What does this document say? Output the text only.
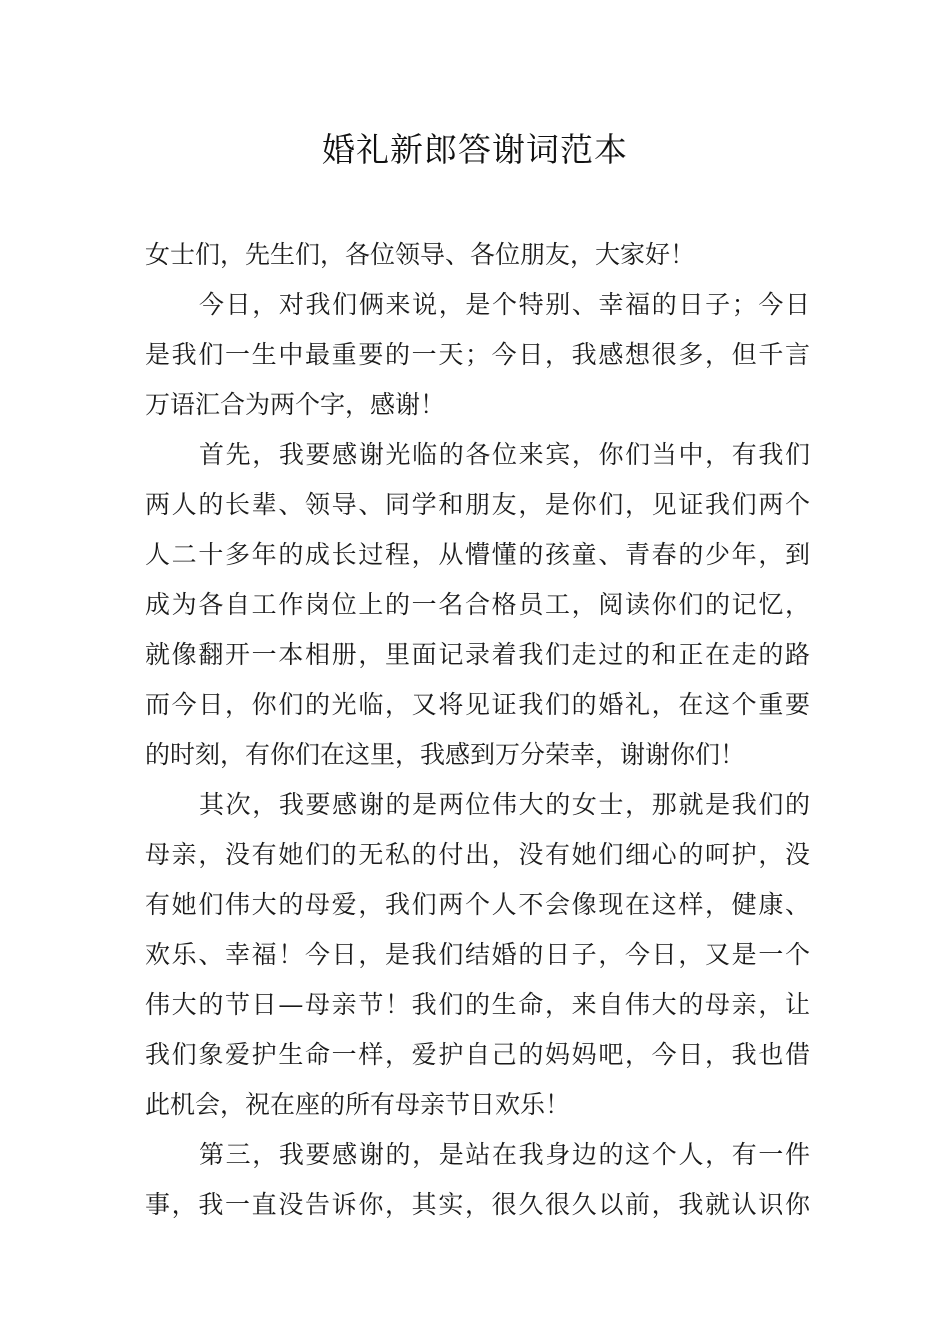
婚礼新郎答谢词范本
女士们，先生们，各位领导、各位朋友，大家好！
今日，对我们俩来说，是个特别、幸福的日子；今日
是我们一生中最重要的一天；今日，我感想很多，但千言
万语汇合为两个字，感谢！
首先，我要感谢光临的各位来宾，你们当中，有我们
两人的长辈、领导、同学和朋友，是你们，见证我们两个
人二十多年的成长过程，从懵懂的孩童、青春的少年，到
成为各自工作岗位上的一名合格员工，阅读你们的记忆，
就像翻开一本相册，里面记录着我们走过的和正在走的路
而今日，你们的光临，又将见证我们的婚礼，在这个重要
的时刻，有你们在这里，我感到万分荣幸，谢谢你们！
其次，我要感谢的是两位伟大的女士，那就是我们的
母亲，没有她们的无私的付出，没有她们细心的呵护，没
有她们伟大的母爱，我们两个人不会像现在这样，健康、
欢乐、幸福！今日，是我们结婚的日子，今日，又是一个
伟大的节日—母亲节！我们的生命，来自伟大的母亲，让
我们象爱护生命一样，爱护自己的妈妈吧，今日，我也借
此机会，祝在座的所有母亲节日欢乐！
第三，我要感谢的，是站在我身边的这个人，有一件
事，我一直没告诉你，其实，很久很久以前，我就认识你
